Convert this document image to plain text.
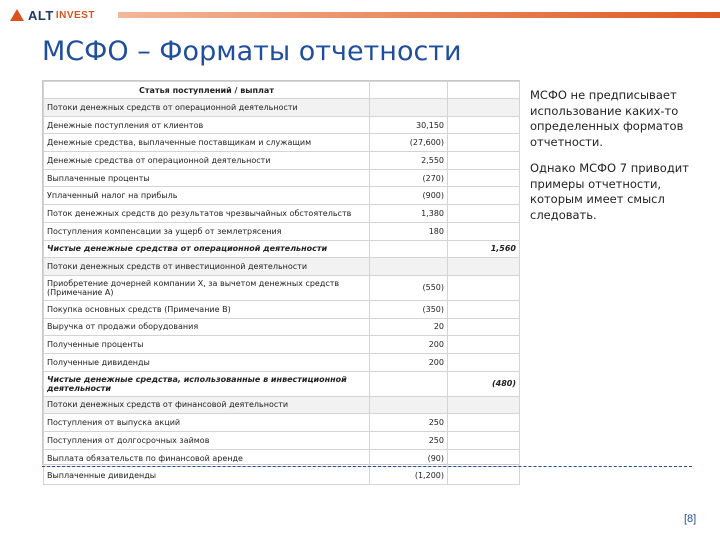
ALT INVEST
МСФО – Форматы отчетности
Статья поступлений / выплат		
Потоки денежных средств от операционной деятельности		
Денежные поступления от клиентов	30,150	
Денежные средства, выплаченные поставщикам и служащим	(27,600)	
Денежные средства от операционной деятельности	2,550	
Выплаченные проценты	(270)	
Уплаченный налог на прибыль	(900)	
Поток денежных средств до результатов чрезвычайных обстоятельств	1,380	
Поступления компенсации за ущерб от землетрясения	180	
Чистые денежные средства от операционной деятельности		1,560
Потоки денежных средств от инвестиционной деятельности		
Приобретение дочерней компании X, за вычетом денежных средств (Примечание A)	(550)	
Покупка основных средств (Примечание B)	(350)	
Выручка от продажи оборудования	20	
Полученные проценты	200	
Полученные дивиденды	200	
Чистые денежные средства, использованные в инвестиционной деятельности		(480)
Потоки денежных средств от финансовой деятельности		
Поступления от выпуска акций	250	
Поступления от долгосрочных займов	250	
Выплата обязательств по финансовой аренде	(90)	
Выплаченные дивиденды	(1,200)	

МСФО не предписывает использование каких-то определенных форматов отчетности.

Однако МСФО 7 приводит примеры отчетности, которым имеет смысл следовать.

[8]
